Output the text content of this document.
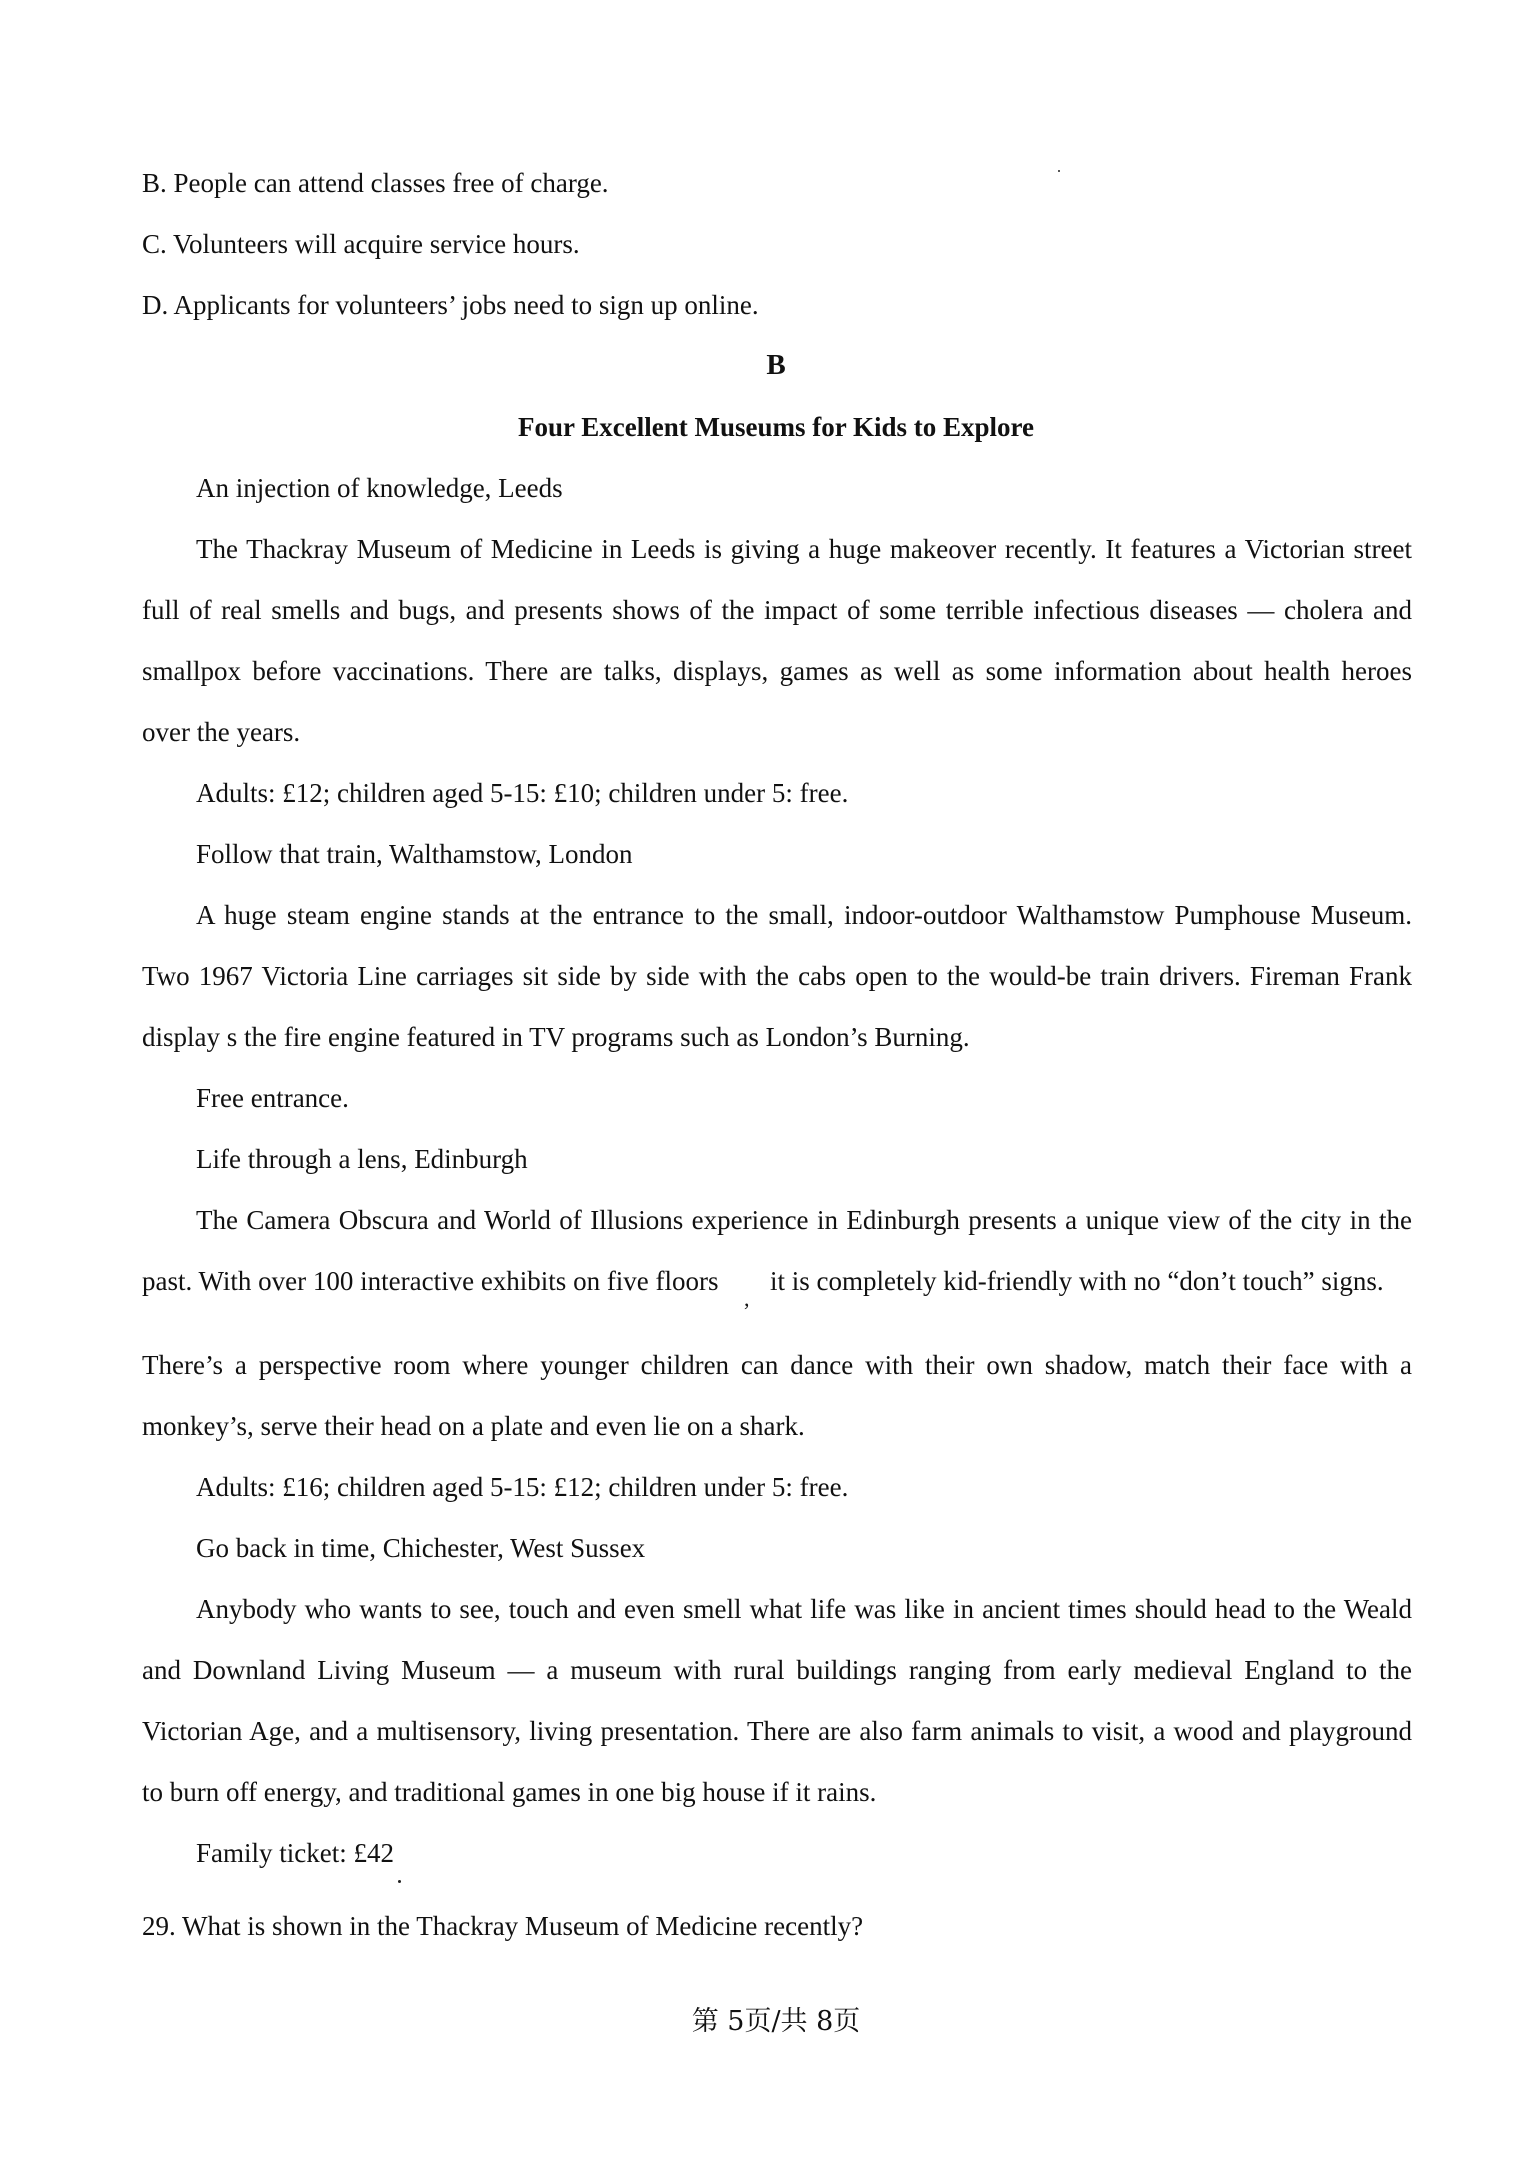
B. People can attend classes free of charge.
C. Volunteers will acquire service hours.
D. Applicants for volunteers’ jobs need to sign up online.
B
Four Excellent Museums for Kids to Explore
An injection of knowledge, Leeds
The Thackray Museum of Medicine in Leeds is giving a huge makeover recently. It features a Victorian street
full of real smells and bugs, and presents shows of the impact of some terrible infectious diseases — cholera and
smallpox before vaccinations. There are talks, displays, games as well as some information about health heroes
over the years.
Adults: £12; children aged 5-15: £10; children under 5: free.
Follow that train, Walthamstow, London
A huge steam engine stands at the entrance to the small, indoor-outdoor Walthamstow Pumphouse Museum.
Two 1967 Victoria Line carriages sit side by side with the cabs open to the would-be train drivers. Fireman Frank
display s the fire engine featured in TV programs such as London’s Burning.
Free entrance.
Life through a lens, Edinburgh
The Camera Obscura and World of Illusions experience in Edinburgh presents a unique view of the city in the
past. With over 100 interactive exhibits on five floors
,
it is completely kid-friendly with no “don’t touch” signs.
There’s a perspective room where younger children can dance with their own shadow, match their face with a
monkey’s, serve their head on a plate and even lie on a shark.
Adults: £16; children aged 5-15: £12; children under 5: free.
Go back in time, Chichester, West Sussex
Anybody who wants to see, touch and even smell what life was like in ancient times should head to the Weald
and Downland Living Museum — a museum with rural buildings ranging from early medieval England to the
Victorian Age, and a multisensory, living presentation. There are also farm animals to visit, a wood and playground
to burn off energy, and traditional games in one big house if it rains.
Family ticket: £42
29. What is shown in the Thackray Museum of Medicine recently?
第 5页/共 8页
